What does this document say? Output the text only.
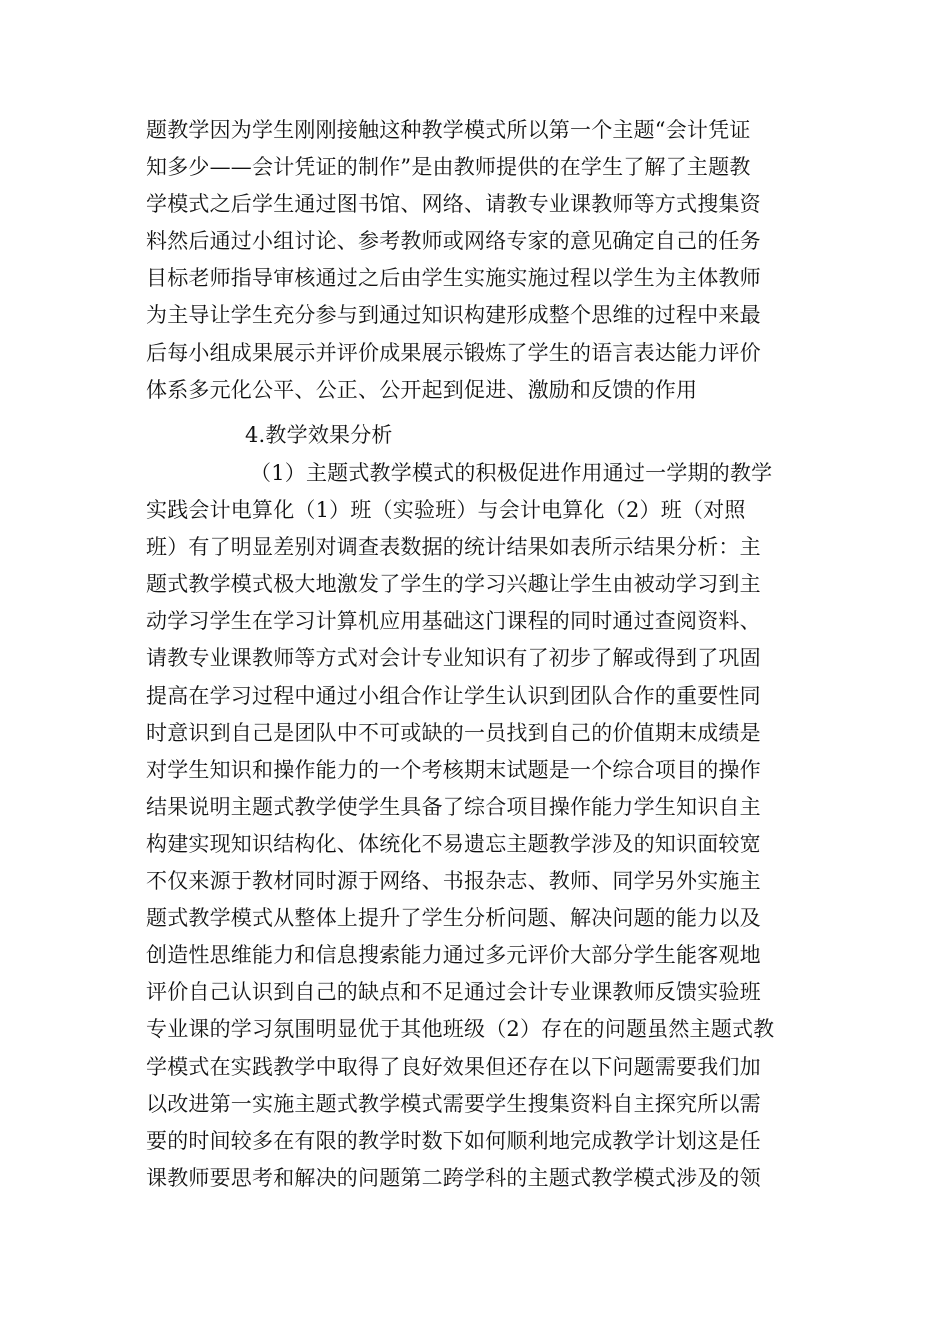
题教学因为学生刚刚接触这种教学模式所以第一个主题“会计凭证
知多少——会计凭证的制作”是由教师提供的在学生了解了主题教
学模式之后学生通过图书馆、网络、请教专业课教师等方式搜集资
料然后通过小组讨论、参考教师或网络专家的意见确定自己的任务
目标老师指导审核通过之后由学生实施实施过程以学生为主体教师
为主导让学生充分参与到通过知识构建形成整个思维的过程中来最
后每小组成果展示并评价成果展示锻炼了学生的语言表达能力评价
体系多元化公平、公正、公开起到促进、激励和反馈的作用
4.教学效果分析
（1）主题式教学模式的积极促进作用通过一学期的教学
实践会计电算化（1）班（实验班）与会计电算化（2）班（对照
班）有了明显差别对调查表数据的统计结果如表所示结果分析：主
题式教学模式极大地激发了学生的学习兴趣让学生由被动学习到主
动学习学生在学习计算机应用基础这门课程的同时通过查阅资料、
请教专业课教师等方式对会计专业知识有了初步了解或得到了巩固
提高在学习过程中通过小组合作让学生认识到团队合作的重要性同
时意识到自己是团队中不可或缺的一员找到自己的价值期末成绩是
对学生知识和操作能力的一个考核期末试题是一个综合项目的操作
结果说明主题式教学使学生具备了综合项目操作能力学生知识自主
构建实现知识结构化、体统化不易遗忘主题教学涉及的知识面较宽
不仅来源于教材同时源于网络、书报杂志、教师、同学另外实施主
题式教学模式从整体上提升了学生分析问题、解决问题的能力以及
创造性思维能力和信息搜索能力通过多元评价大部分学生能客观地
评价自己认识到自己的缺点和不足通过会计专业课教师反馈实验班
专业课的学习氛围明显优于其他班级（2）存在的问题虽然主题式教
学模式在实践教学中取得了良好效果但还存在以下问题需要我们加
以改进第一实施主题式教学模式需要学生搜集资料自主探究所以需
要的时间较多在有限的教学时数下如何顺利地完成教学计划这是任
课教师要思考和解决的问题第二跨学科的主题式教学模式涉及的领
